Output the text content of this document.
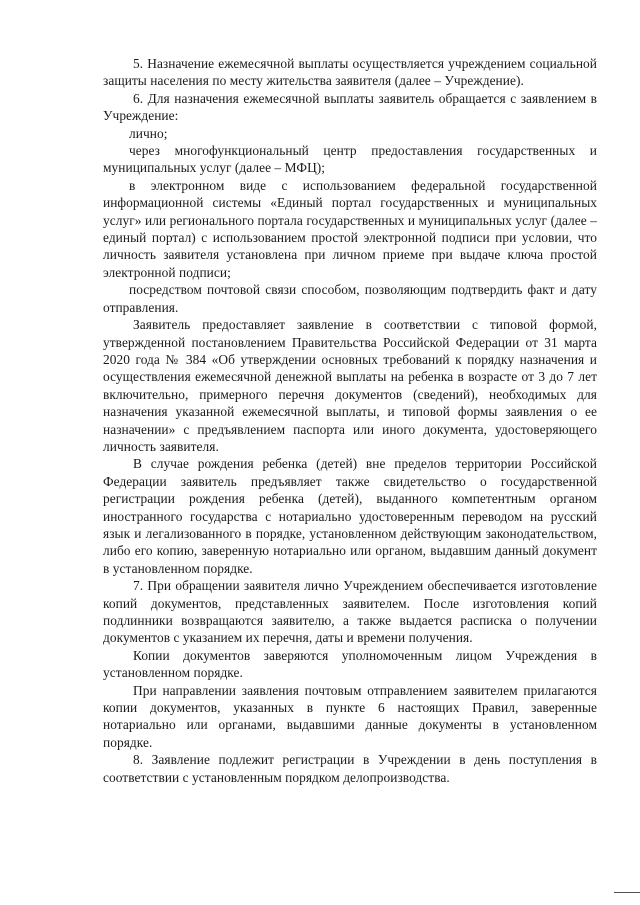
5. Назначение ежемесячной выплаты осуществляется учреждением социальной защиты населения по месту жительства заявителя (далее – Учреждение).

6. Для назначения ежемесячной выплаты заявитель обращается с заявлением в Учреждение:

лично;

через многофункциональный центр предоставления государственных и муниципальных услуг (далее – МФЦ);

в электронном виде с использованием федеральной государственной информационной системы «Единый портал государственных и муниципальных услуг» или регионального портала государственных и муниципальных услуг (далее – единый портал) с использованием простой электронной подписи при условии, что личность заявителя установлена при личном приеме при выдаче ключа простой электронной подписи;

посредством почтовой связи способом, позволяющим подтвердить факт и дату отправления.

Заявитель предоставляет заявление в соответствии с типовой формой, утвержденной постановлением Правительства Российской Федерации от 31 марта 2020 года № 384 «Об утверждении основных требований к порядку назначения и осуществления ежемесячной денежной выплаты на ребенка в возрасте от 3 до 7 лет включительно, примерного перечня документов (сведений), необходимых для назначения указанной ежемесячной выплаты, и типовой формы заявления о ее назначении» с предъявлением паспорта или иного документа, удостоверяющего личность заявителя.

В случае рождения ребенка (детей) вне пределов территории Российской Федерации заявитель предъявляет также свидетельство о государственной регистрации рождения ребенка (детей), выданного компетентным органом иностранного государства с нотариально удостоверенным переводом на русский язык и легализованного в порядке, установленном действующим законодательством, либо его копию, заверенную нотариально или органом, выдавшим данный документ в установленном порядке.

7. При обращении заявителя лично Учреждением обеспечивается изготовление копий документов, представленных заявителем. После изготовления копий подлинники возвращаются заявителю, а также выдается расписка о получении документов с указанием их перечня, даты и времени получения.

Копии документов заверяются уполномоченным лицом Учреждения в установленном порядке.

При направлении заявления почтовым отправлением заявителем прилагаются копии документов, указанных в пункте 6 настоящих Правил, заверенные нотариально или органами, выдавшими данные документы в установленном порядке.

8. Заявление подлежит регистрации в Учреждении в день поступления в соответствии с установленным порядком делопроизводства.
